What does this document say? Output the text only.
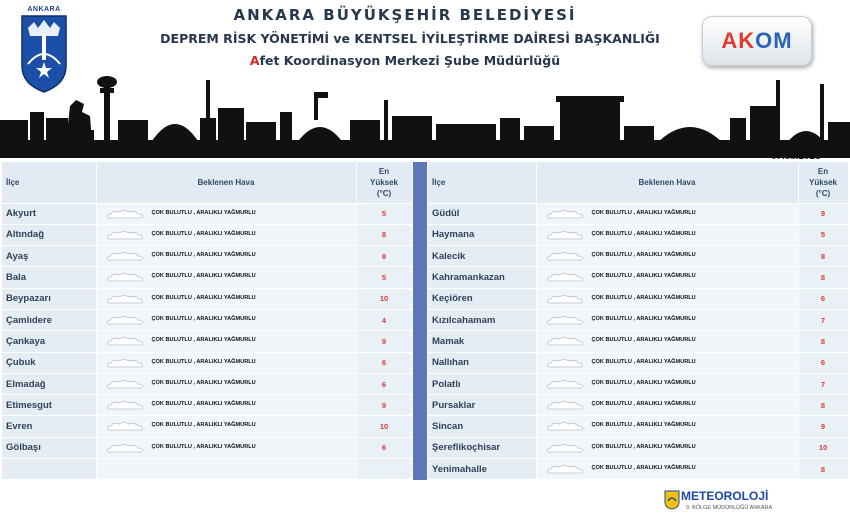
ANKARA	ANKARA BÜYÜKŞEHİR BELEDİYESİ
DEPREM RİSK YÖNETİMİ ve KENTSEL İYİLEŞTİRME DAİRESİ BAŞKANLIĞI
Afet Koordinasyon Merkezi Şube Müdürlüğü
AKOM
07.03.2021
İlçe	Beklenen Hava	En
Yüksek
(°C)
Akyurt	ÇOK BULUTLU , ARALIKLI YAĞMURLU	5
Altındağ	ÇOK BULUTLU , ARALIKLI YAĞMURLU	8
Ayaş	ÇOK BULUTLU , ARALIKLI YAĞMURLU	8
Bala	ÇOK BULUTLU , ARALIKLI YAĞMURLU	5
Beypazarı	ÇOK BULUTLU , ARALIKLI YAĞMURLU	10
Çamlıdere	ÇOK BULUTLU , ARALIKLI YAĞMURLU	4
Çankaya	ÇOK BULUTLU , ARALIKLI YAĞMURLU	9
Çubuk	ÇOK BULUTLU , ARALIKLI YAĞMURLU	6
Elmadağ	ÇOK BULUTLU , ARALIKLI YAĞMURLU	6
Etimesgut	ÇOK BULUTLU , ARALIKLI YAĞMURLU	9
Evren	ÇOK BULUTLU , ARALIKLI YAĞMURLU	10
Gölbaşı	ÇOK BULUTLU , ARALIKLI YAĞMURLU	6

İlçe	Beklenen Hava	En
Yüksek
(°C)
Güdül	ÇOK BULUTLU , ARALIKLI YAĞMURLU	9
Haymana	ÇOK BULUTLU , ARALIKLI YAĞMURLU	5
Kalecik	ÇOK BULUTLU , ARALIKLI YAĞMURLU	8
Kahramankazan	ÇOK BULUTLU , ARALIKLI YAĞMURLU	8
Keçiören	ÇOK BULUTLU , ARALIKLI YAĞMURLU	6
Kızılcahamam	ÇOK BULUTLU , ARALIKLI YAĞMURLU	7
Mamak	ÇOK BULUTLU , ARALIKLI YAĞMURLU	8
Nallıhan	ÇOK BULUTLU , ARALIKLI YAĞMURLU	6
Polatlı	ÇOK BULUTLU , ARALIKLI YAĞMURLU	7
Pursaklar	ÇOK BULUTLU , ARALIKLI YAĞMURLU	8
Sincan	ÇOK BULUTLU , ARALIKLI YAĞMURLU	9
Şereflikoçhisar	ÇOK BULUTLU , ARALIKLI YAĞMURLU	10
Yenimahalle	ÇOK BULUTLU , ARALIKLI YAĞMURLU	8
METEOROLOJİ
9. BÖLGE MÜDÜRLÜĞÜ ANKARA
